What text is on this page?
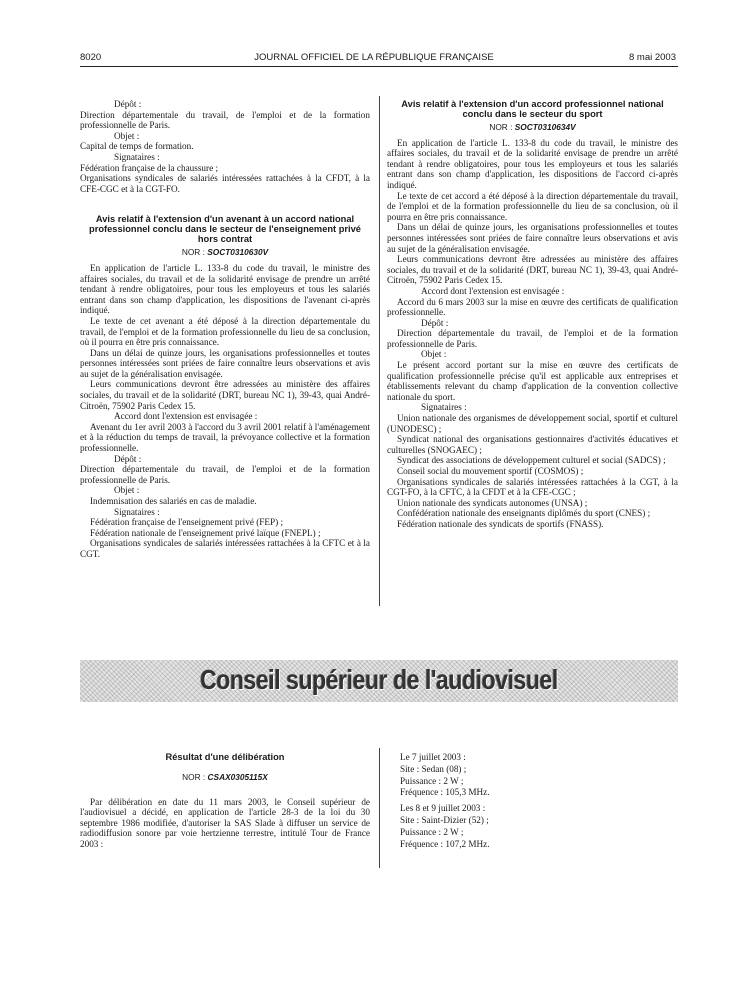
8020	JOURNAL OFFICIEL DE LA RÉPUBLIQUE FRANÇAISE	8 mai 2003

Dépôt :

Direction départementale du travail, de l'emploi et de la formation professionnelle de Paris.

Objet :

Capital de temps de formation.

Signataires :

Fédération française de la chaussure ;

Organisations syndicales de salariés intéressées rattachées à la CFDT, à la CFE-CGC et à la CGT-FO.

Avis relatif à l'extension d'un avenant à un accord national professionnel conclu dans le secteur de l'enseignement privé hors contrat

NOR : SOCT0310630V

En application de l'article L. 133-8 du code du travail, le ministre des affaires sociales, du travail et de la solidarité envisage de prendre un arrêté tendant à rendre obligatoires, pour tous les employeurs et tous les salariés entrant dans son champ d'application, les dispositions de l'avenant ci-après indiqué.

Le texte de cet avenant a été déposé à la direction départementale du travail, de l'emploi et de la formation professionnelle du lieu de sa conclusion, où il pourra en être pris connaissance.

Dans un délai de quinze jours, les organisations professionnelles et toutes personnes intéressées sont priées de faire connaître leurs observations et avis au sujet de la généralisation envisagée.

Leurs communications devront être adressées au ministère des affaires sociales, du travail et de la solidarité (DRT, bureau NC 1), 39-43, quai André-Citroën, 75902 Paris Cedex 15.

Accord dont l'extension est envisagée :

Avenant du 1er avril 2003 à l'accord du 3 avril 2001 relatif à l'aménagement et à la réduction du temps de travail, la prévoyance collective et la formation professionnelle.

Dépôt :

Direction départementale du travail, de l'emploi et de la formation professionnelle de Paris.

Objet :

Indemnisation des salariés en cas de maladie.

Signataires :

Fédération française de l'enseignement privé (FEP) ;

Fédération nationale de l'enseignement privé laïque (FNEPL) ;

Organisations syndicales de salariés intéressées rattachées à la CFTC et à la CGT.

Avis relatif à l'extension d'un accord professionnel national conclu dans le secteur du sport

NOR : SOCT0310634V

En application de l'article L. 133-8 du code du travail, le ministre des affaires sociales, du travail et de la solidarité envisage de prendre un arrêté tendant à rendre obligatoires, pour tous les employeurs et tous les salariés entrant dans son champ d'application, les dispositions de l'accord ci-après indiqué.

Le texte de cet accord a été déposé à la direction départementale du travail, de l'emploi et de la formation professionnelle du lieu de sa conclusion, où il pourra en être pris connaissance.

Dans un délai de quinze jours, les organisations professionnelles et toutes personnes intéressées sont priées de faire connaître leurs observations et avis au sujet de la généralisation envisagée.

Leurs communications devront être adressées au ministère des affaires sociales, du travail et de la solidarité (DRT, bureau NC 1), 39-43, quai André-Citroën, 75902 Paris Cedex 15.

Accord dont l'extension est envisagée :

Accord du 6 mars 2003 sur la mise en œuvre des certificats de qualification professionnelle.

Dépôt :

Direction départementale du travail, de l'emploi et de la formation professionnelle de Paris.

Objet :

Le présent accord portant sur la mise en œuvre des certificats de qualification professionnelle précise qu'il est applicable aux entreprises et établissements relevant du champ d'application de la convention collective nationale du sport.

Signataires :

Union nationale des organismes de développement social, sportif et culturel (UNODESC) ;

Syndicat national des organisations gestionnaires d'activités éducatives et culturelles (SNOGAEC) ;

Syndicat des associations de développement culturel et social (SADCS) ;

Conseil social du mouvement sportif (COSMOS) ;

Organisations syndicales de salariés intéressées rattachées à la CGT, à la CGT-FO, à la CFTC, à la CFDT et à la CFE-CGC ;

Union nationale des syndicats autonomes (UNSA) ;

Confédération nationale des enseignants diplômés du sport (CNES) ;

Fédération nationale des syndicats de sportifs (FNASS).

Conseil supérieur de l'audiovisuel
Résultat d'une délibération

NOR : CSAX0305115X

Par délibération en date du 11 mars 2003, le Conseil supérieur de l'audiovisuel a décidé, en application de l'article 28-3 de la loi du 30 septembre 1986 modifiée, d'autoriser la SAS Slade à diffuser un service de radiodiffusion sonore par voie hertzienne terrestre, intitulé Tour de France 2003 :

Le 7 juillet 2003 :

Site : Sedan (08) ;

Puissance : 2 W ;

Fréquence : 105,3 MHz.

Les 8 et 9 juillet 2003 :

Site : Saint-Dizier (52) ;

Puissance : 2 W ;

Fréquence : 107,2 MHz.
